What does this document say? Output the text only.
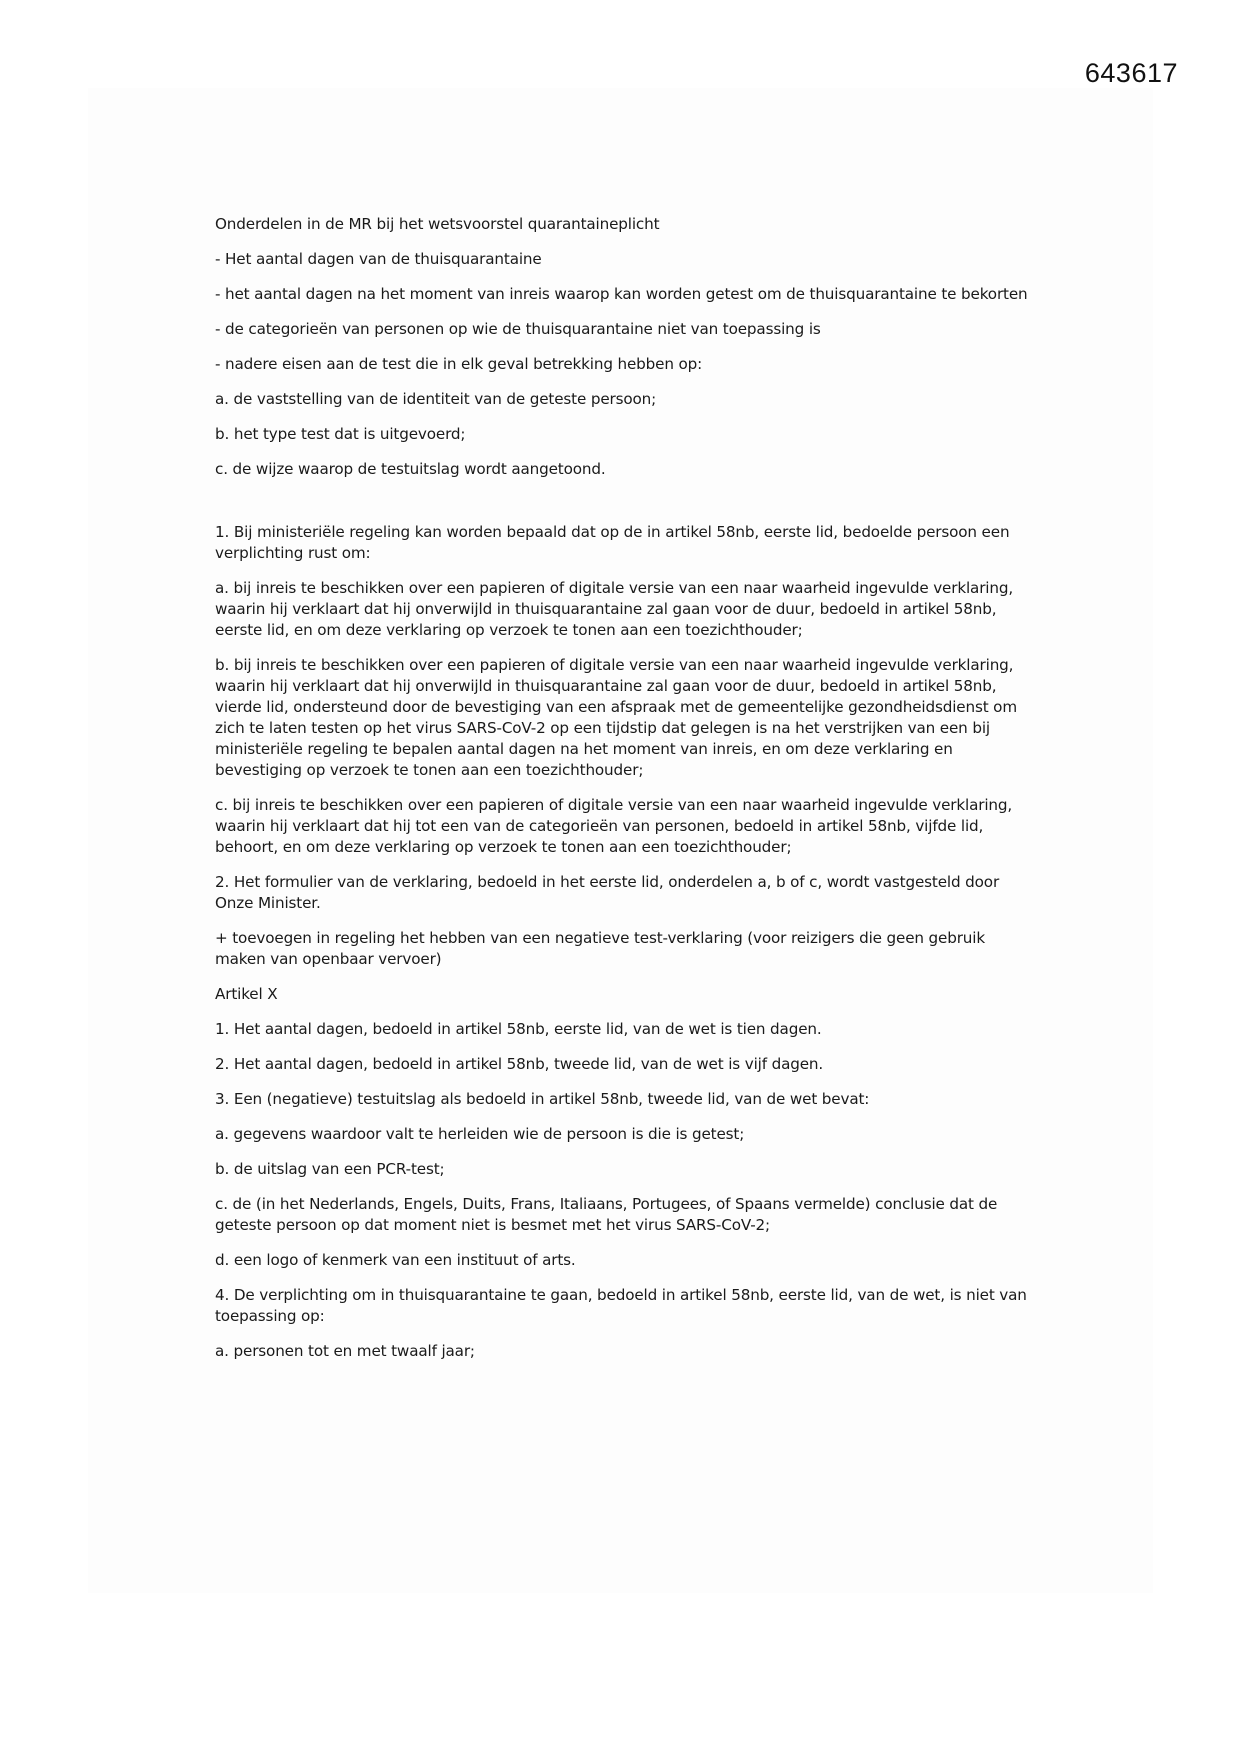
643617

Onderdelen in de MR bij het wetsvoorstel quarantaineplicht

- Het aantal dagen van de thuisquarantaine

- het aantal dagen na het moment van inreis waarop kan worden getest om de thuisquarantaine te bekorten

- de categorieën van personen op wie de thuisquarantaine niet van toepassing is

- nadere eisen aan de test die in elk geval betrekking hebben op:

a. de vaststelling van de identiteit van de geteste persoon;

b. het type test dat is uitgevoerd;

c. de wijze waarop de testuitslag wordt aangetoond.

1. Bij ministeriële regeling kan worden bepaald dat op de in artikel 58nb, eerste lid, bedoelde persoon een verplichting rust om:

a. bij inreis te beschikken over een papieren of digitale versie van een naar waarheid ingevulde verklaring, waarin hij verklaart dat hij onverwijld in thuisquarantaine zal gaan voor de duur, bedoeld in artikel 58nb, eerste lid, en om deze verklaring op verzoek te tonen aan een toezichthouder;

b. bij inreis te beschikken over een papieren of digitale versie van een naar waarheid ingevulde verklaring, waarin hij verklaart dat hij onverwijld in thuisquarantaine zal gaan voor de duur, bedoeld in artikel 58nb, vierde lid, ondersteund door de bevestiging van een afspraak met de gemeentelijke gezondheidsdienst om zich te laten testen op het virus SARS-CoV-2 op een tijdstip dat gelegen is na het verstrijken van een bij ministeriële regeling te bepalen aantal dagen na het moment van inreis, en om deze verklaring en bevestiging op verzoek te tonen aan een toezichthouder;

c. bij inreis te beschikken over een papieren of digitale versie van een naar waarheid ingevulde verklaring, waarin hij verklaart dat hij tot een van de categorieën van personen, bedoeld in artikel 58nb, vijfde lid, behoort, en om deze verklaring op verzoek te tonen aan een toezichthouder;

2. Het formulier van de verklaring, bedoeld in het eerste lid, onderdelen a, b of c, wordt vastgesteld door Onze Minister.

+ toevoegen in regeling het hebben van een negatieve test-verklaring (voor reizigers die geen gebruik maken van openbaar vervoer)

Artikel X

1. Het aantal dagen, bedoeld in artikel 58nb, eerste lid, van de wet is tien dagen.

2. Het aantal dagen, bedoeld in artikel 58nb, tweede lid, van de wet is vijf dagen.

3. Een (negatieve) testuitslag als bedoeld in artikel 58nb, tweede lid, van de wet bevat:

a. gegevens waardoor valt te herleiden wie de persoon is die is getest;

b. de uitslag van een PCR-test;

c. de (in het Nederlands, Engels, Duits, Frans, Italiaans, Portugees, of Spaans vermelde) conclusie dat de geteste persoon op dat moment niet is besmet met het virus SARS-CoV-2;

d. een logo of kenmerk van een instituut of arts.

4. De verplichting om in thuisquarantaine te gaan, bedoeld in artikel 58nb, eerste lid, van de wet, is niet van toepassing op:

a. personen tot en met twaalf jaar;
